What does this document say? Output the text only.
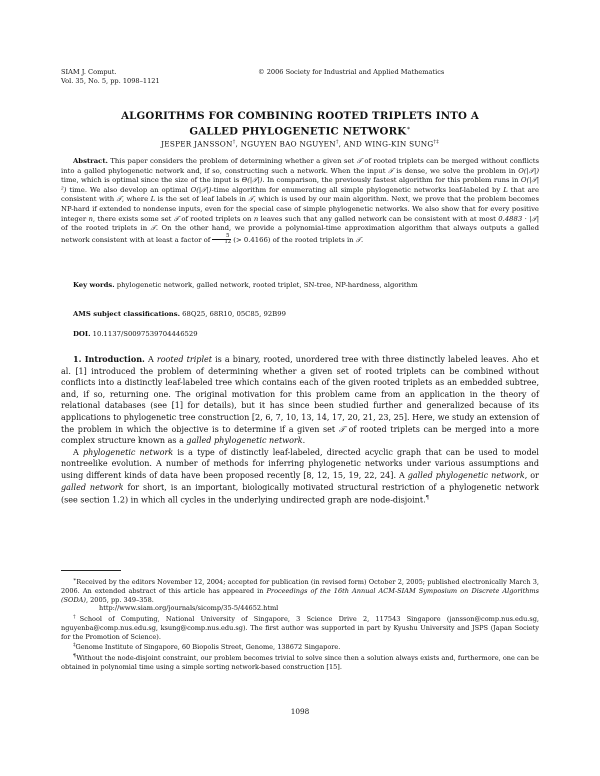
SIAM J. Comput.
Vol. 35, No. 5, pp. 1098–1121
© 2006 Society for Industrial and Applied Mathematics
ALGORITHMS FOR COMBINING ROOTED TRIPLETS INTO A
GALLED PHYLOGENETIC NETWORK∗
JESPER JANSSON†, NGUYEN BAO NGUYEN†, AND WING-KIN SUNG†‡

Abstract. This paper considers the problem of determining whether a given set 𝒯 of rooted triplets can be merged without conflicts into a galled phylogenetic network and, if so, constructing such a network. When the input 𝒯 is dense, we solve the problem in O(|𝒯|) time, which is optimal since the size of the input is Θ(|𝒯|). In comparison, the previously fastest algorithm for this problem runs in O(|𝒯|²) time. We also develop an optimal O(|𝒯|)-time algorithm for enumerating all simple phylogenetic networks leaf-labeled by L that are consistent with 𝒯, where L is the set of leaf labels in 𝒯, which is used by our main algorithm. Next, we prove that the problem becomes NP-hard if extended to nondense inputs, even for the special case of simple phylogenetic networks. We also show that for every positive integer n, there exists some set 𝒯 of rooted triplets on n leaves such that any galled network can be consistent with at most 0.4883 · |𝒯| of the rooted triplets in 𝒯. On the other hand, we provide a polynomial-time approximation algorithm that always outputs a galled network consistent with at least a factor of $\frac{5}{12}$ (> 0.4166) of the rooted triplets in 𝒯.

Key words. phylogenetic network, galled network, rooted triplet, SN-tree, NP-hardness, algorithm

AMS subject classifications. 68Q25, 68R10, 05C85, 92B99

DOI. 10.1137/S0097539704446529

1. Introduction. A rooted triplet is a binary, rooted, unordered tree with three distinctly labeled leaves. Aho et al. [1] introduced the problem of determining whether a given set of rooted triplets can be combined without conflicts into a distinctly leaf-labeled tree which contains each of the given rooted triplets as an embedded subtree, and, if so, returning one. The original motivation for this problem came from an application in the theory of relational databases (see [1] for details), but it has since been studied further and generalized because of its applications to phylogenetic tree construction [2, 6, 7, 10, 13, 14, 17, 20, 21, 23, 25]. Here, we study an extension of the problem in which the objective is to determine if a given set 𝒯 of rooted triplets can be merged into a more complex structure known as a galled phylogenetic network.

A phylogenetic network is a type of distinctly leaf-labeled, directed acyclic graph that can be used to model nontreelike evolution. A number of methods for inferring phylogenetic networks under various assumptions and using different kinds of data have been proposed recently [8, 12, 15, 19, 22, 24]. A galled phylogenetic network, or galled network for short, is an important, biologically motivated structural restriction of a phylogenetic network (see section 1.2) in which all cycles in the underlying undirected graph are node-disjoint.¶

∗Received by the editors November 12, 2004; accepted for publication (in revised form) October 2, 2005; published electronically March 3, 2006. An extended abstract of this article has appeared in Proceedings of the 16th Annual ACM-SIAM Symposium on Discrete Algorithms (SODA), 2005, pp. 349–358.

http://www.siam.org/journals/sicomp/35-5/44652.html

†School of Computing, National University of Singapore, 3 Science Drive 2, 117543 Singapore (jansson@comp.nus.edu.sg, nguyenba@comp.nus.edu.sg, ksung@comp.nus.edu.sg). The first author was supported in part by Kyushu University and JSPS (Japan Society for the Promotion of Science).

‡Genome Institute of Singapore, 60 Biopolis Street, Genome, 138672 Singapore.

¶Without the node-disjoint constraint, our problem becomes trivial to solve since then a solution always exists and, furthermore, one can be obtained in polynomial time using a simple sorting network-based construction [15].

1098
